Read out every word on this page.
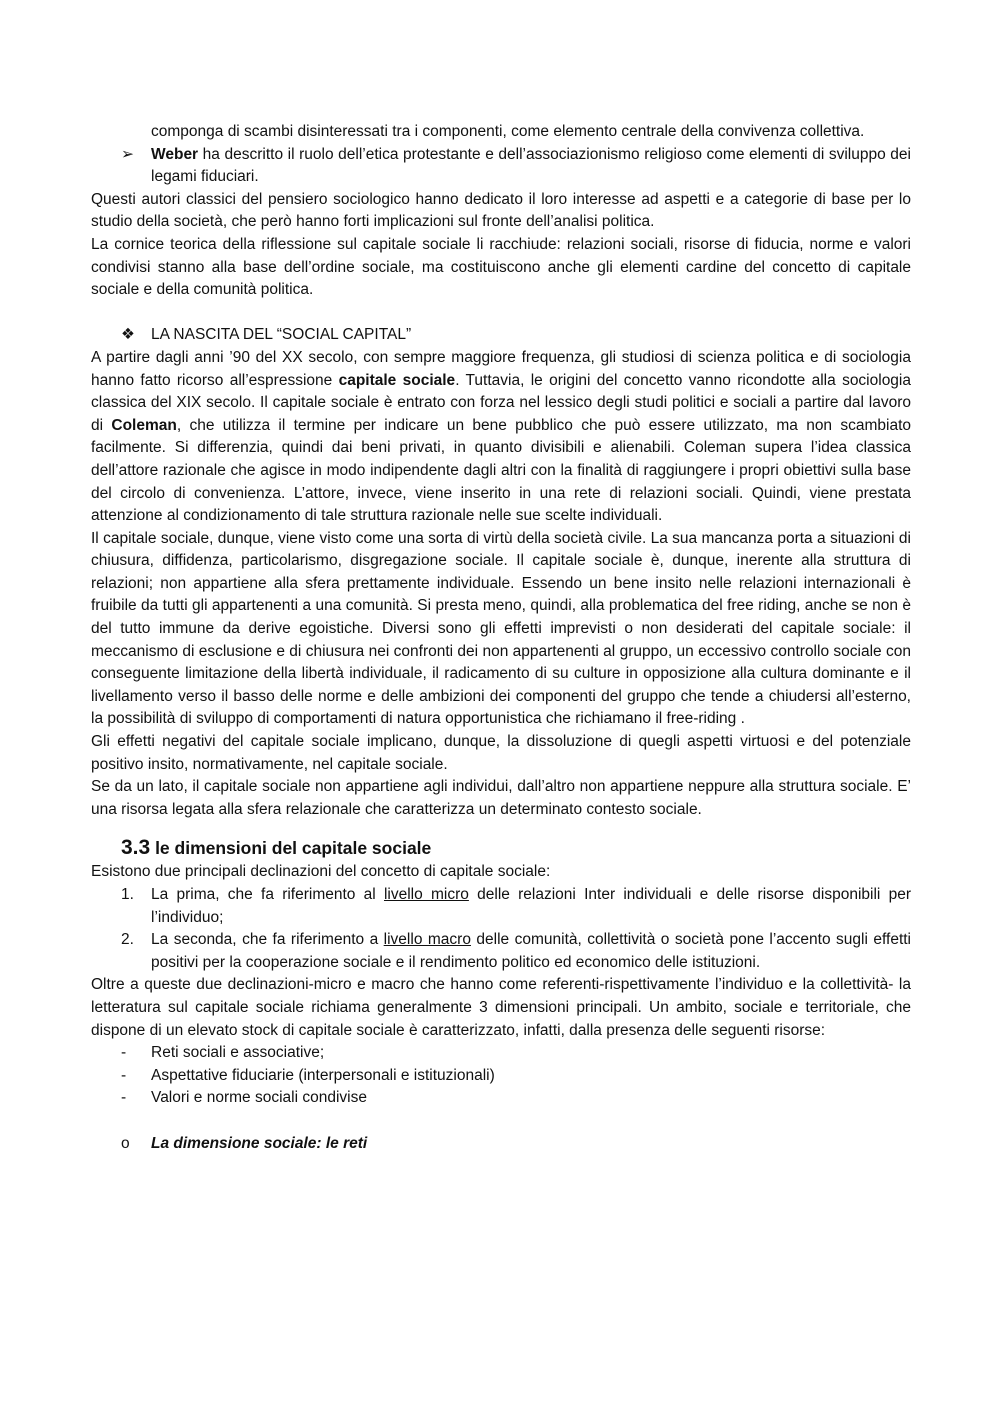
componga di scambi disinteressati tra i componenti, come elemento centrale della convivenza collettiva.

➢ Weber ha descritto il ruolo dell’etica protestante e dell’associazionismo religioso come elementi di sviluppo dei legami fiduciari.

Questi autori classici del pensiero sociologico hanno dedicato il loro interesse ad aspetti e a categorie di base per lo studio della società, che però hanno forti implicazioni sul fronte dell’analisi politica.

La cornice teorica della riflessione sul capitale sociale li racchiude: relazioni sociali, risorse di fiducia, norme e valori condivisi stanno alla base dell’ordine sociale, ma costituiscono anche gli elementi cardine del concetto di capitale sociale e della comunità politica.

❖ LA NASCITA DEL “SOCIAL CAPITAL”

A partire dagli anni ’90 del XX secolo, con sempre maggiore frequenza, gli studiosi di scienza politica e di sociologia hanno fatto ricorso all’espressione capitale sociale. Tuttavia, le origini del concetto vanno ricondotte alla sociologia classica del XIX secolo. Il capitale sociale è entrato con forza nel lessico degli studi politici e sociali a partire dal lavoro di Coleman, che utilizza il termine per indicare un bene pubblico che può essere utilizzato, ma non scambiato facilmente. Si differenzia, quindi dai beni privati, in quanto divisibili e alienabili. Coleman supera l’idea classica dell’attore razionale che agisce in modo indipendente dagli altri con la finalità di raggiungere i propri obiettivi sulla base del circolo di convenienza. L’attore, invece, viene inserito in una rete di relazioni sociali. Quindi, viene prestata attenzione al condizionamento di tale struttura razionale nelle sue scelte individuali.

Il capitale sociale, dunque, viene visto come una sorta di virtù della società civile. La sua mancanza porta a situazioni di chiusura, diffidenza, particolarismo, disgregazione sociale. Il capitale sociale è, dunque, inerente alla struttura di relazioni; non appartiene alla sfera prettamente individuale. Essendo un bene insito nelle relazioni internazionali è fruibile da tutti gli appartenenti a una comunità. Si presta meno, quindi, alla problematica del free riding, anche se non è del tutto immune da derive egoistiche. Diversi sono gli effetti imprevisti o non desiderati del capitale sociale: il meccanismo di esclusione e di chiusura nei confronti dei non appartenenti al gruppo, un eccessivo controllo sociale con conseguente limitazione della libertà individuale, il radicamento di su culture in opposizione alla cultura dominante e il livellamento verso il basso delle norme e delle ambizioni dei componenti del gruppo che tende a chiudersi all’esterno, la possibilità di sviluppo di comportamenti di natura opportunistica che richiamano il free-riding .

Gli effetti negativi del capitale sociale implicano, dunque, la dissoluzione di quegli aspetti virtuosi e del potenziale positivo insito, normativamente, nel capitale sociale.

Se da un lato, il capitale sociale non appartiene agli individui, dall’altro non appartiene neppure alla struttura sociale. E’ una risorsa legata alla sfera relazionale che caratterizza un determinato contesto sociale.

3.3 le dimensioni del capitale sociale

Esistono due principali declinazioni del concetto di capitale sociale:

1. La prima, che fa riferimento al livello micro delle relazioni Inter individuali e delle risorse disponibili per l’individuo;

2. La seconda, che fa riferimento a livello macro delle comunità, collettività o società pone l’accento sugli effetti positivi per la cooperazione sociale e il rendimento politico ed economico delle istituzioni.

Oltre a queste due declinazioni-micro e macro che hanno come referenti-rispettivamente l’individuo e la collettività- la letteratura sul capitale sociale richiama generalmente 3 dimensioni principali. Un ambito, sociale e territoriale, che dispone di un elevato stock di capitale sociale è caratterizzato, infatti, dalla presenza delle seguenti risorse:

- Reti sociali e associative;

- Aspettative fiduciarie (interpersonali e istituzionali)

- Valori e norme sociali condivise

o La dimensione sociale: le reti
